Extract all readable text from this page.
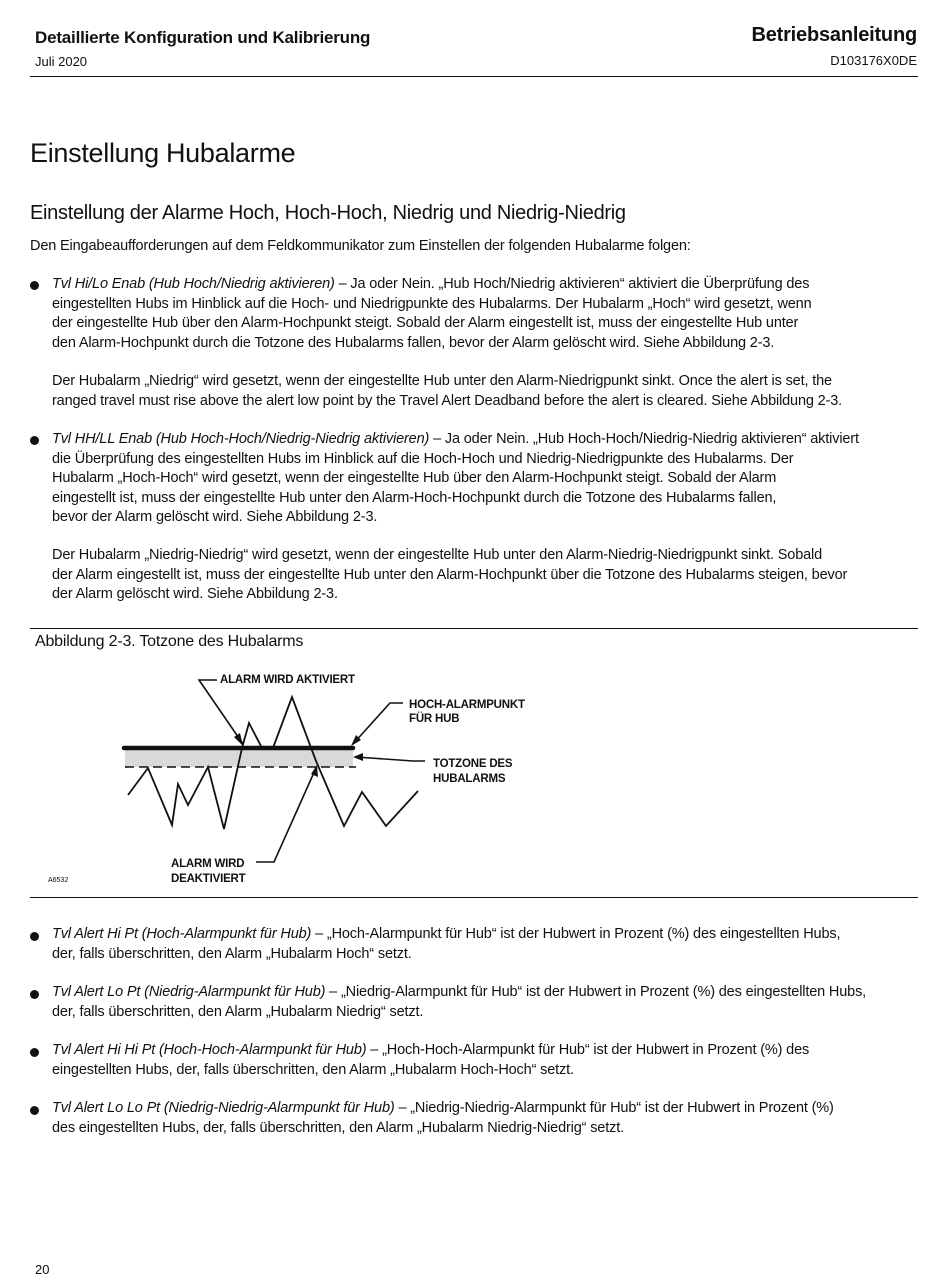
Detaillierte Konfiguration und Kalibrierung
Juli 2020
Betriebsanleitung
D103176X0DE
Einstellung Hubalarme
Einstellung der Alarme Hoch, Hoch-Hoch, Niedrig und Niedrig-Niedrig
Den Eingabeaufforderungen auf dem Feldkommunikator zum Einstellen der folgenden Hubalarme folgen:
Tvl Hi/Lo Enab (Hub Hoch/Niedrig aktivieren) – Ja oder Nein. „Hub Hoch/Niedrig aktivieren“ aktiviert die Überprüfung des
eingestellten Hubs im Hinblick auf die Hoch- und Niedrigpunkte des Hubalarms. Der Hubalarm „Hoch“ wird gesetzt, wenn
der eingestellte Hub über den Alarm-Hochpunkt steigt. Sobald der Alarm eingestellt ist, muss der eingestellte Hub unter
den Alarm-Hochpunkt durch die Totzone des Hubalarms fallen, bevor der Alarm gelöscht wird. Siehe Abbildung 2-3.
Der Hubalarm „Niedrig“ wird gesetzt, wenn der eingestellte Hub unter den Alarm-Niedrigpunkt sinkt. Once the alert is set, the
ranged travel must rise above the alert low point by the Travel Alert Deadband before the alert is cleared. Siehe Abbildung 2-3.
Tvl HH/LL Enab (Hub Hoch-Hoch/Niedrig-Niedrig aktivieren) – Ja oder Nein. „Hub Hoch-Hoch/Niedrig-Niedrig aktivieren“ aktiviert
die Überprüfung des eingestellten Hubs im Hinblick auf die Hoch-Hoch und Niedrig-Niedrigpunkte des Hubalarms. Der
Hubalarm „Hoch-Hoch“ wird gesetzt, wenn der eingestellte Hub über den Alarm-Hochpunkt steigt. Sobald der Alarm
eingestellt ist, muss der eingestellte Hub unter den Alarm-Hoch-Hochpunkt durch die Totzone des Hubalarms fallen,
bevor der Alarm gelöscht wird. Siehe Abbildung 2-3.
Der Hubalarm „Niedrig-Niedrig“ wird gesetzt, wenn der eingestellte Hub unter den Alarm-Niedrig-Niedrigpunkt sinkt. Sobald
der Alarm eingestellt ist, muss der eingestellte Hub unter den Alarm-Hochpunkt über die Totzone des Hubalarms steigen, bevor
der Alarm gelöscht wird. Siehe Abbildung 2-3.
Abbildung 2-3. Totzone des Hubalarms
ALARM WIRD AKTIVIERT
HOCH-ALARMPUNKT
FÜR HUB
TOTZONE DES
HUBALARMS
ALARM WIRD
DEAKTIVIERT
A6532
Tvl Alert Hi Pt (Hoch-Alarmpunkt für Hub) – „Hoch-Alarmpunkt für Hub“ ist der Hubwert in Prozent (%) des eingestellten Hubs,
der, falls überschritten, den Alarm „Hubalarm Hoch“ setzt.
Tvl Alert Lo Pt (Niedrig-Alarmpunkt für Hub) – „Niedrig-Alarmpunkt für Hub“ ist der Hubwert in Prozent (%) des eingestellten Hubs,
der, falls überschritten, den Alarm „Hubalarm Niedrig“ setzt.
Tvl Alert Hi Hi Pt (Hoch-Hoch-Alarmpunkt für Hub) – „Hoch-Hoch-Alarmpunkt für Hub“ ist der Hubwert in Prozent (%) des
eingestellten Hubs, der, falls überschritten, den Alarm „Hubalarm Hoch-Hoch“ setzt.
Tvl Alert Lo Lo Pt (Niedrig-Niedrig-Alarmpunkt für Hub) – „Niedrig-Niedrig-Alarmpunkt für Hub“ ist der Hubwert in Prozent (%)
des eingestellten Hubs, der, falls überschritten, den Alarm „Hubalarm Niedrig-Niedrig“ setzt.
20
